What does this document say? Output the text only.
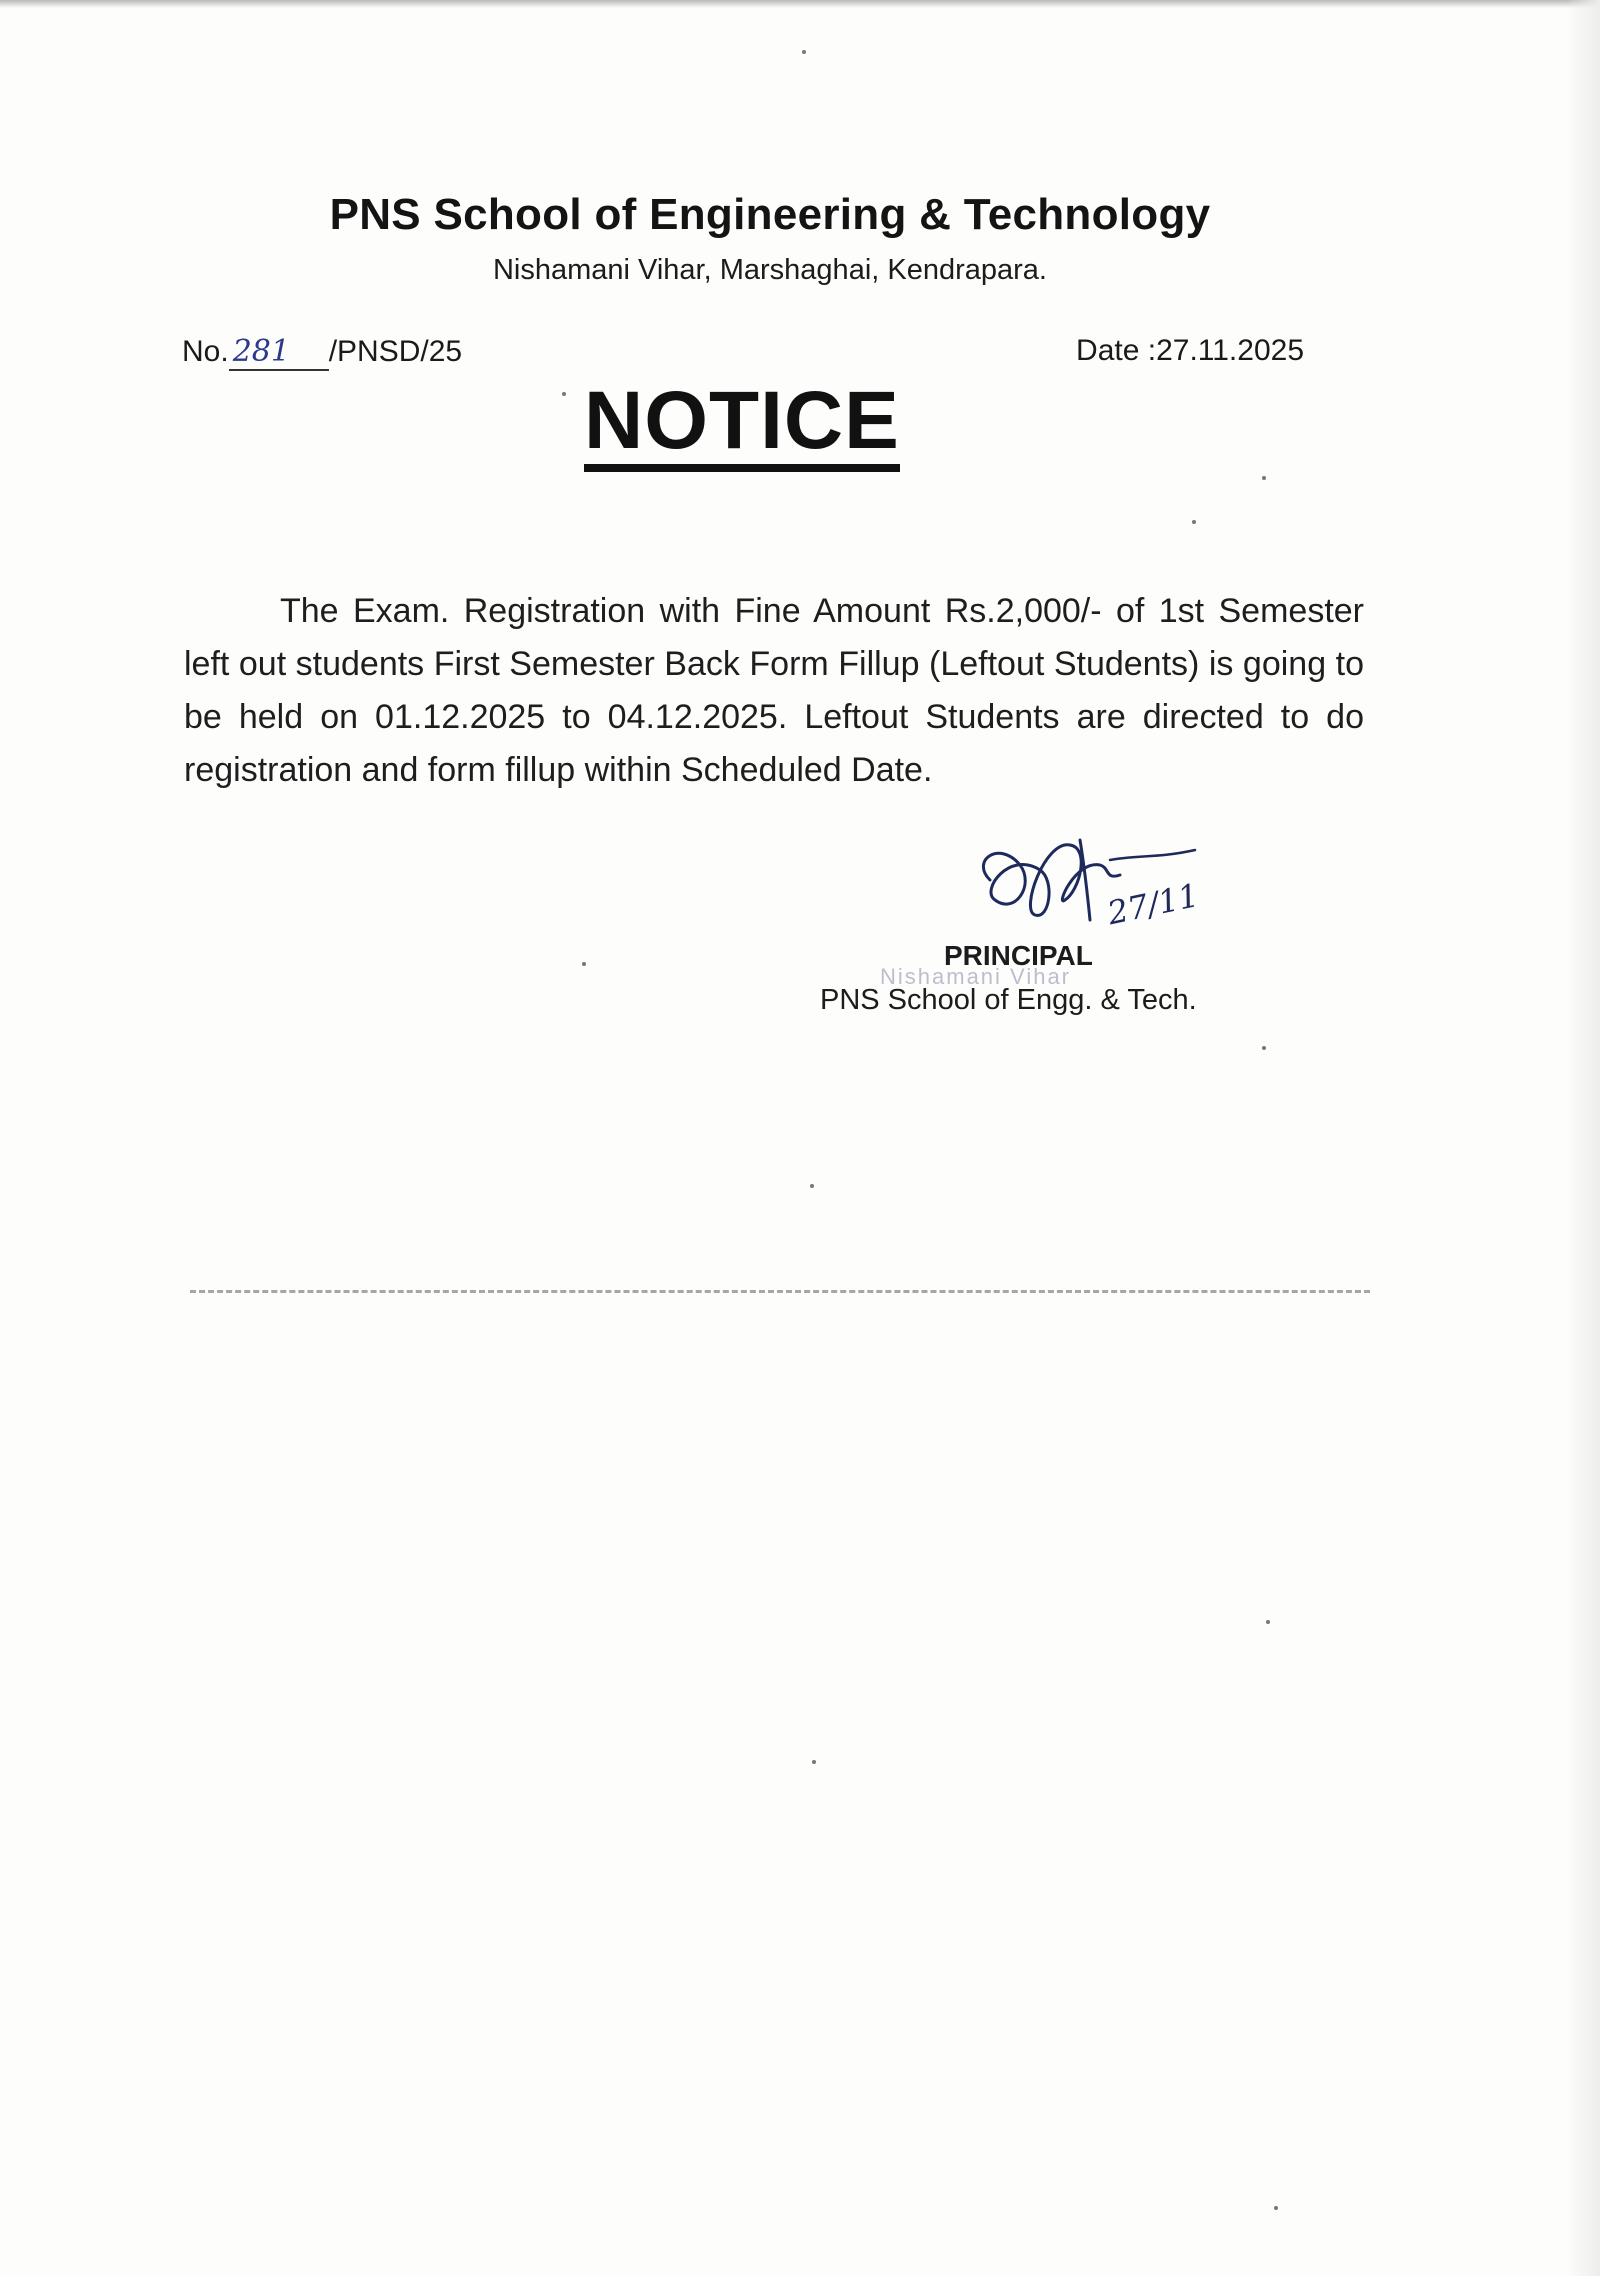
PNS School of Engineering & Technology
Nishamani Vihar, Marshaghai, Kendrapara.
No. 281 /PNSD/25	Date :27.11.2025
NOTICE
The Exam. Registration with Fine Amount Rs.2,000/- of 1st Semester left out students First Semester Back Form Fillup (Leftout Students) is going to be held on 01.12.2025 to 04.12.2025. Leftout Students are directed to do registration and form fillup within Scheduled Date.
27/11
PRINCIPAL
PNS School of Engg. & Tech.
Nishamani Vihar
